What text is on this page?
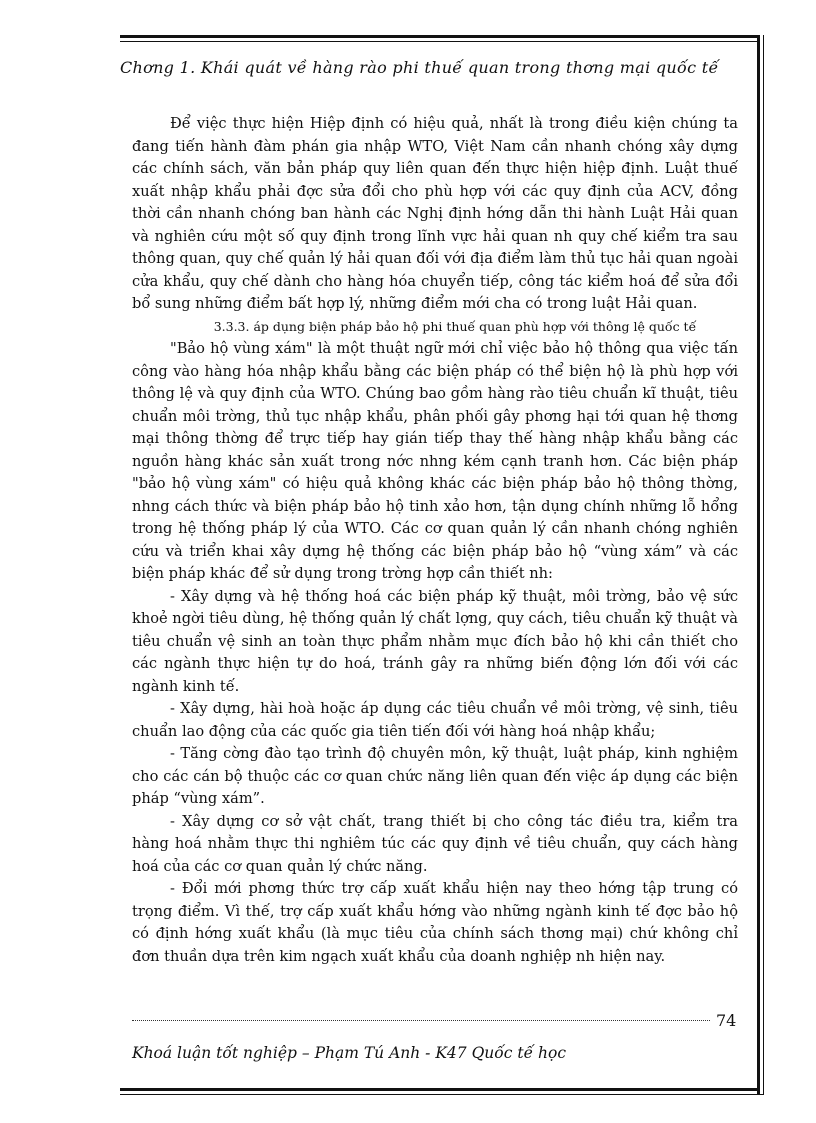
Chơng 1. Khái quát về hàng rào phi thuế quan trong thơng mại quốc tế

Để việc thực hiện Hiệp định có hiệu quả, nhất là trong điều kiện chúng ta đang tiến hành đàm phán gia nhập WTO, Việt Nam cần nhanh chóng xây dựng các chính sách, văn bản pháp quy liên quan đến thực hiện hiệp định. Luật thuế xuất nhập khẩu phải đợc sửa đổi cho phù hợp với các quy định của ACV, đồng thời cần nhanh chóng ban hành các Nghị định hớng dẫn thi hành Luật Hải quan và nghiên cứu một số quy định trong lĩnh vực hải quan nh quy chế kiểm tra sau thông quan, quy chế quản lý hải quan đối với địa điểm làm thủ tục hải quan ngoài cửa khẩu, quy chế dành cho hàng hóa chuyển tiếp, công tác kiểm hoá để sửa đổi bổ sung những điểm bất hợp lý, những điểm mới cha có trong luật Hải quan.

3.3.3. áp dụng biện pháp bảo hộ phi thuế quan phù hợp với thông lệ quốc tế

"Bảo hộ vùng xám" là một thuật ngữ mới chỉ việc bảo hộ thông qua việc tấn công vào hàng hóa nhập khẩu bằng các biện pháp có thể biện hộ là phù hợp với thông lệ và quy định của WTO. Chúng bao gồm hàng rào tiêu chuẩn kĩ thuật, tiêu chuẩn môi trờng, thủ tục nhập khẩu, phân phối gây phơng hại tới quan hệ thơng mại thông thờng để trực tiếp hay gián tiếp thay thế hàng nhập khẩu bằng các nguồn hàng khác sản xuất trong nớc nhng kém cạnh tranh hơn. Các biện pháp "bảo hộ vùng xám" có hiệu quả không khác các biện pháp bảo hộ thông thờng, nhng cách thức và biện pháp bảo hộ tinh xảo hơn, tận dụng chính những lỗ hổng trong hệ thống pháp lý của WTO. Các cơ quan quản lý cần nhanh chóng nghiên cứu và triển khai xây dựng hệ thống các biện pháp bảo hộ “vùng xám” và các biện pháp khác để sử dụng trong trờng hợp cần thiết nh:

- Xây dựng và hệ thống hoá các biện pháp kỹ thuật, môi trờng, bảo vệ sức khoẻ ngời tiêu dùng, hệ thống quản lý chất lợng, quy cách, tiêu chuẩn kỹ thuật và tiêu chuẩn vệ sinh an toàn thực phẩm nhằm mục đích bảo hộ khi cần thiết cho các ngành thực hiện tự do hoá, tránh gây ra những biến động lớn đối với các ngành kinh tế.

- Xây dựng, hài hoà hoặc áp dụng các tiêu chuẩn về môi trờng, vệ sinh, tiêu chuẩn lao động của các quốc gia tiên tiến đối với hàng hoá nhập khẩu;

- Tăng cờng đào tạo trình độ chuyên môn, kỹ thuật, luật pháp, kinh nghiệm cho các cán bộ thuộc các cơ quan chức năng liên quan đến việc áp dụng các biện pháp “vùng xám”.

- Xây dựng cơ sở vật chất, trang thiết bị cho công tác điều tra, kiểm tra hàng hoá nhằm thực thi nghiêm túc các quy định về tiêu chuẩn, quy cách hàng hoá của các cơ quan quản lý chức năng.

- Đổi mới phơng thức trợ cấp xuất khẩu hiện nay theo hớng tập trung có trọng điểm. Vì thế, trợ cấp xuất khẩu hớng vào những ngành kinh tế đợc bảo hộ có định hớng xuất khẩu (là mục tiêu của chính sách thơng mại) chứ không chỉ đơn thuần dựa trên kim ngạch xuất khẩu của doanh nghiệp nh hiện nay.

74
Khoá luận tốt nghiệp – Phạm Tú Anh - K47 Quốc tế học
